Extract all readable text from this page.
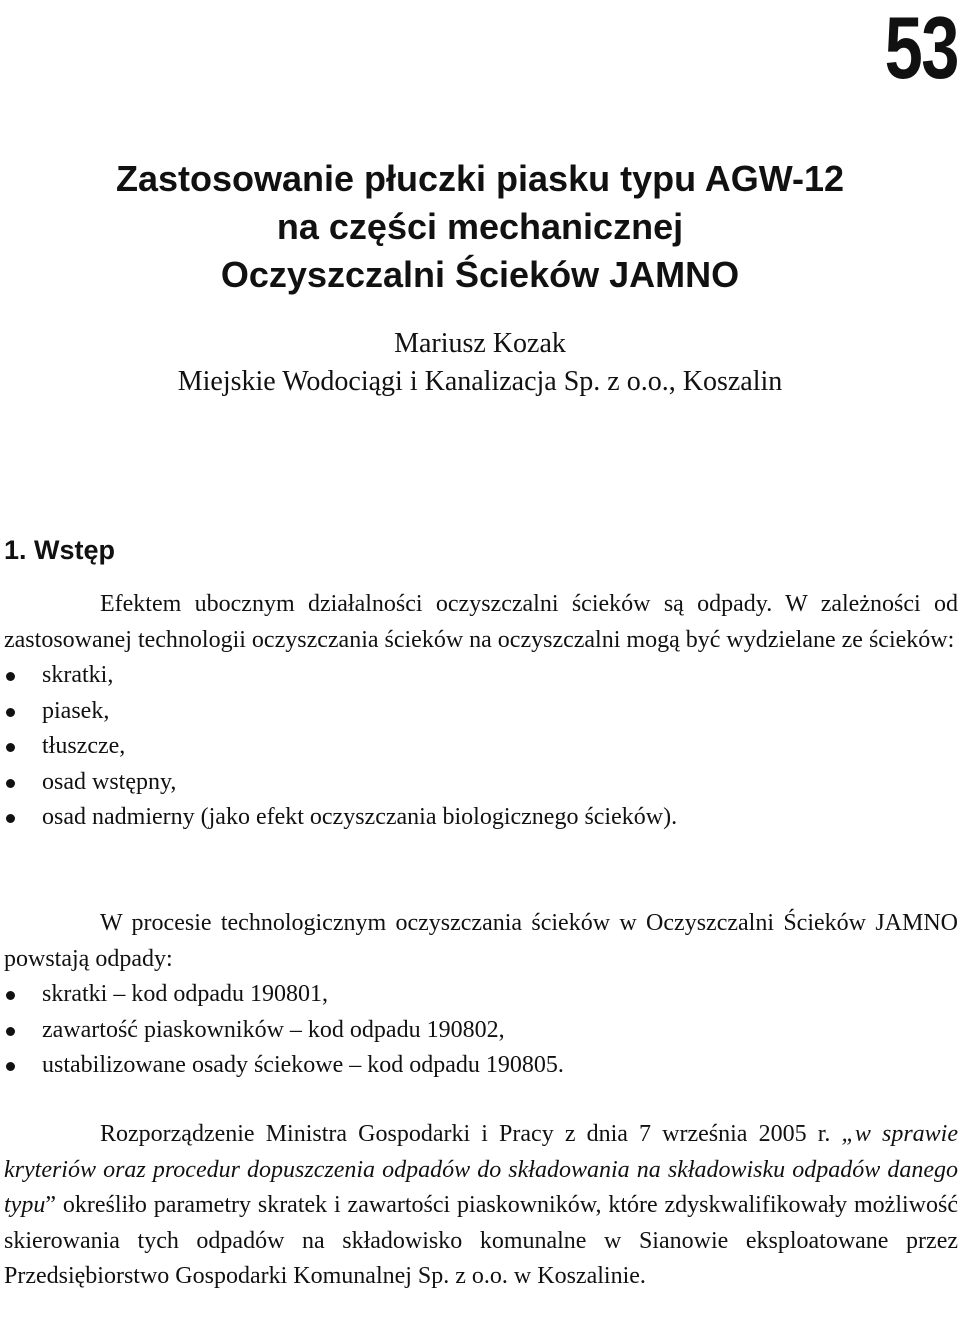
53
Zastosowanie płuczki piasku typu AGW-12
na części mechanicznej
Oczyszczalni Ścieków JAMNO
Mariusz Kozak
Miejskie Wodociągi i Kanalizacja Sp. z o.o., Koszalin
1. Wstęp

Efektem ubocznym działalności oczyszczalni ścieków są odpady. W zależności od zastosowanej technologii oczyszczania ścieków na oczyszczalni mogą być wydzielane ze ścieków:

skratki,
piasek,
tłuszcze,
osad wstępny,
osad nadmierny (jako efekt oczyszczania biologicznego ścieków).

W procesie technologicznym oczyszczania ścieków w Oczyszczalni Ścieków JAMNO powstają odpady:

skratki – kod odpadu 190801,
zawartość piaskowników – kod odpadu 190802,
ustabilizowane osady ściekowe – kod odpadu 190805.

Rozporządzenie Ministra Gospodarki i Pracy z dnia 7 września 2005 r. „w sprawie kryteriów oraz procedur dopuszczenia odpadów do składowania na składowisku odpadów danego typu” określiło parametry skratek i zawartości piaskowników, które zdyskwalifikowały możliwość skierowania tych odpadów na składowisko komunalne w Sianowie eksploatowane przez Przedsiębiorstwo Gospodarki Komunalnej Sp. z o.o. w Koszalinie.
